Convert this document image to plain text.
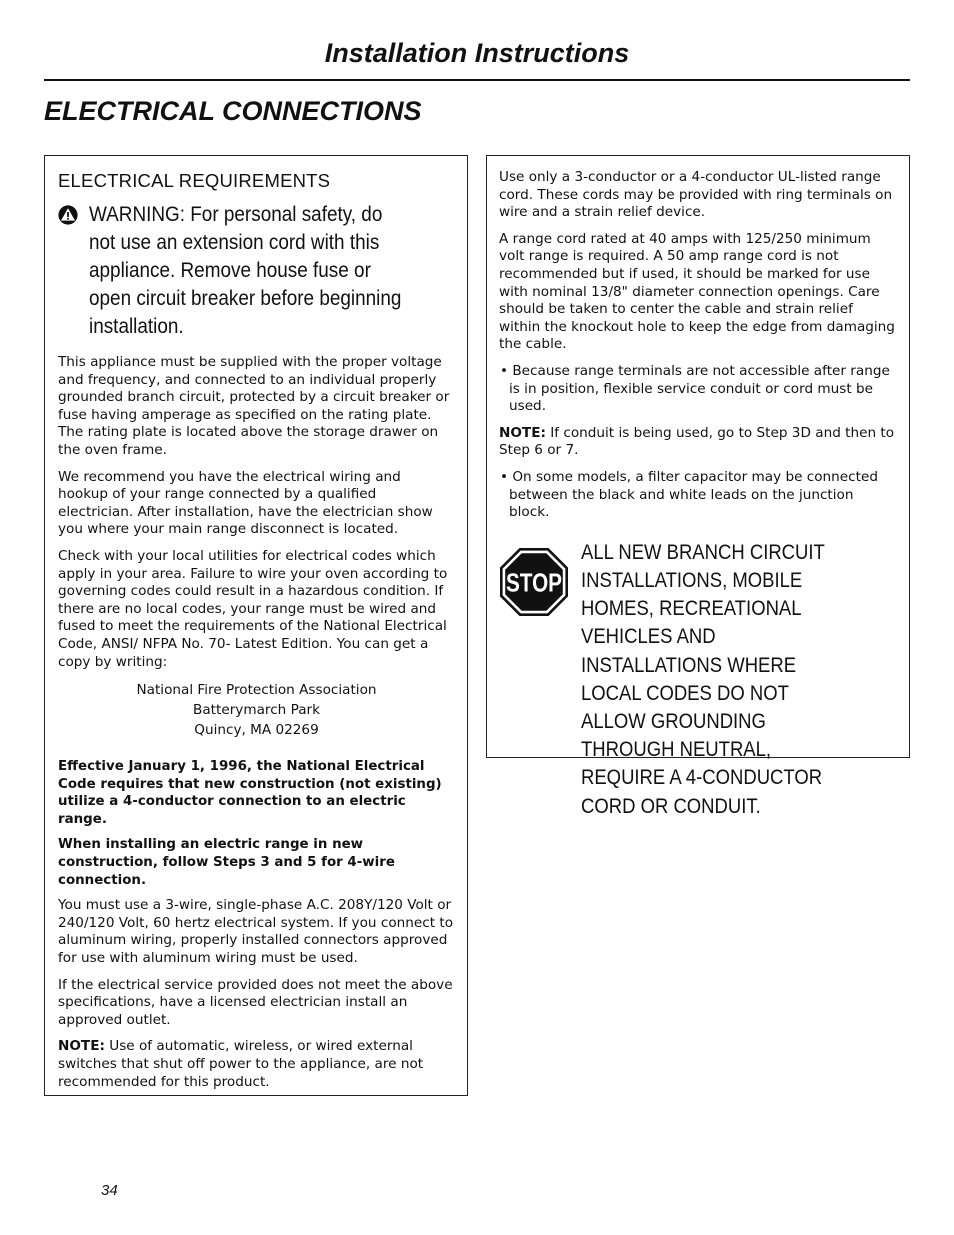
Installation Instructions
ELECTRICAL CONNECTIONS
ELECTRICAL REQUIREMENTS
WARNING: For personal safety, do not use an extension cord with this appliance. Remove house fuse or open circuit breaker before beginning installation.

This appliance must be supplied with the proper voltage and frequency, and connected to an individual properly grounded branch circuit, protected by a circuit breaker or fuse having amperage as specified on the rating plate. The rating plate is located above the storage drawer on the oven frame.

We recommend you have the electrical wiring and hookup of your range connected by a qualified electrician. After installation, have the electrician show you where your main range disconnect is located.

Check with your local utilities for electrical codes which apply in your area. Failure to wire your oven according to governing codes could result in a hazardous condition. If there are no local codes, your range must be wired and fused to meet the requirements of the National Electrical Code, ANSI/ NFPA No. 70- Latest Edition. You can get a copy by writing:

National Fire Protection Association
Batterymarch Park
Quincy, MA 02269

Effective January 1, 1996, the National Electrical Code requires that new construction (not existing) utilize a 4-conductor connection to an electric range.

When installing an electric range in new construction, follow Steps 3 and 5 for 4-wire connection.

You must use a 3-wire, single-phase A.C. 208Y/120 Volt or 240/120 Volt, 60 hertz electrical system. If you connect to aluminum wiring, properly installed connectors approved for use with aluminum wiring must be used.

If the electrical service provided does not meet the above specifications, have a licensed electrician install an approved outlet.

NOTE: Use of automatic, wireless, or wired external switches that shut off power to the appliance, are not recommended for this product.

Use only a 3-conductor or a 4-conductor UL-listed range cord. These cords may be provided with ring terminals on wire and a strain relief device.

A range cord rated at 40 amps with 125/250 minimum volt range is required. A 50 amp range cord is not recommended but if used, it should be marked for use with nominal 13/8" diameter connection openings. Care should be taken to center the cable and strain relief within the knockout hole to keep the edge from damaging the cable.

• Because range terminals are not accessible after range is in position, flexible service conduit or cord must be used.

NOTE: If conduit is being used, go to Step 3D and then to Step 6 or 7.

• On some models, a filter capacitor may be connected between the black and white leads on the junction block.

STOP
ALL NEW BRANCH CIRCUIT INSTALLATIONS, MOBILE HOMES, RECREATIONAL VEHICLES AND INSTALLATIONS WHERE LOCAL CODES DO NOT ALLOW GROUNDING THROUGH NEUTRAL, REQUIRE A 4-CONDUCTOR CORD OR CONDUIT.
34
